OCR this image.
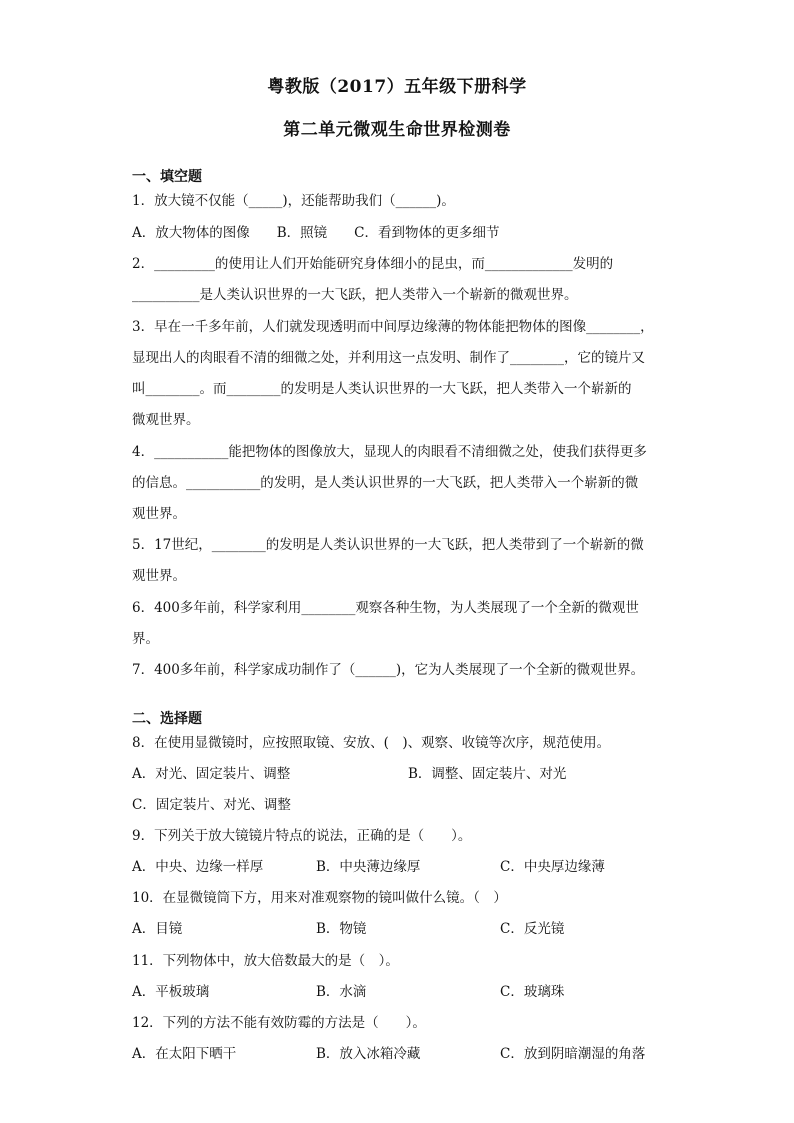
粤教版（2017）五年级下册科学
第二单元微观生命世界检测卷
一、填空题
1．放大镜不仅能（_____)，还能帮助我们（______)。
A．放大物体的图像　　B．照镜　　C．看到物体的更多细节
2．_________的使用让人们开始能研究身体细小的昆虫，而_____________发明的
__________是人类认识世界的一大飞跃，把人类带入一个崭新的微观世界。
3．早在一千多年前，人们就发现透明而中间厚边缘薄的物体能把物体的图像________，
显现出人的肉眼看不清的细微之处，并利用这一点发明、制作了________，它的镜片又
叫________。而________的发明是人类认识世界的一大飞跃，把人类带入一个崭新的
微观世界。
4．___________能把物体的图像放大，显现人的肉眼看不清细微之处，使我们获得更多
的信息。___________的发明，是人类认识世界的一大飞跃，把人类带入一个崭新的微
观世界。
5．17世纪，________的发明是人类认识世界的一大飞跃，把人类带到了一个崭新的微
观世界。
6．400多年前，科学家利用________观察各种生物，为人类展现了一个全新的微观世
界。
7．400多年前，科学家成功制作了（______)，它为人类展现了一个全新的微观世界。
二、选择题
8．在使用显微镜时，应按照取镜、安放、(　)、观察、收镜等次序，规范使用。
A．对光、固定装片、调整	B．调整、固定装片、对光
C．固定装片、对光、调整
9．下列关于放大镜镜片特点的说法，正确的是（　　）。
A．中央、边缘一样厚	B．中央薄边缘厚	C．中央厚边缘薄
10．在显微镜筒下方，用来对准观察物的镜叫做什么镜。（　）
A．目镜	B．物镜	C．反光镜
11．下列物体中，放大倍数最大的是（　）。
A．平板玻璃	B．水滴	C．玻璃珠
12．下列的方法不能有效防霉的方法是（　　）。
A．在太阳下晒干	B．放入冰箱冷藏	C．放到阴暗潮湿的角落
